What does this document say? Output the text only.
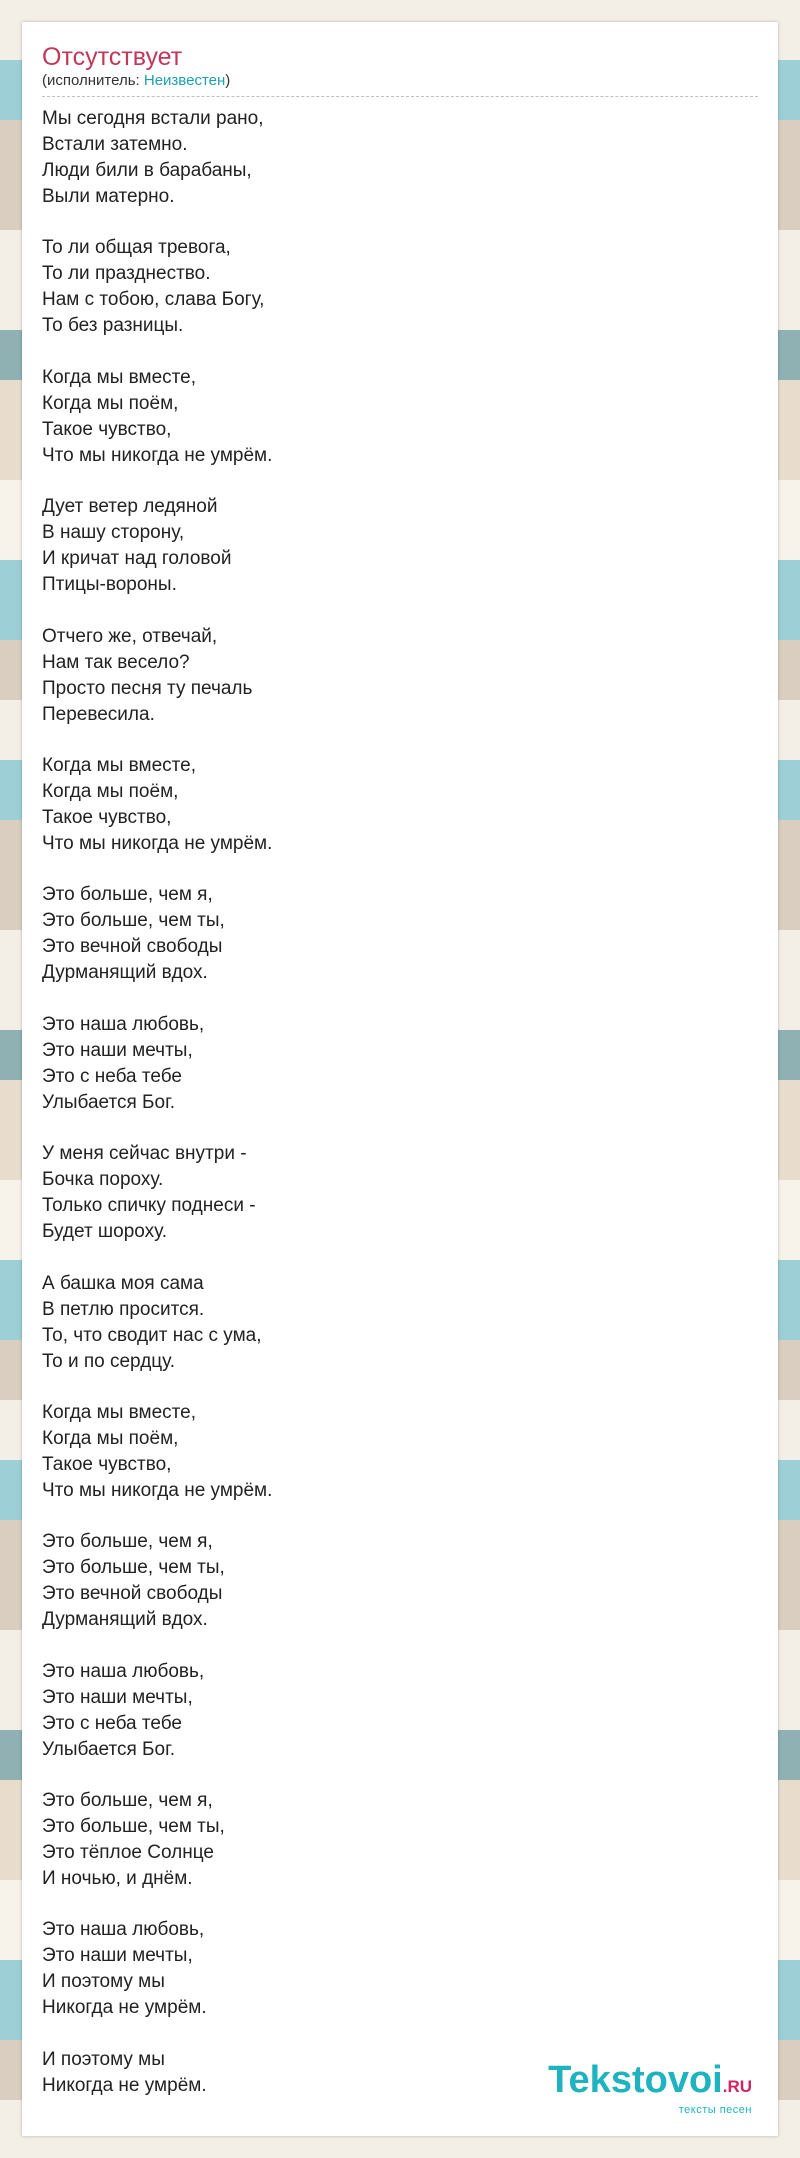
Отсутствует
(исполнитель: Неизвестен)
Мы сегодня встали рано,
Встали затемно.
Люди били в барабаны,
Выли матерно.
То ли общая тревога,
То ли празднество.
Нам с тобою, слава Богу,
То без разницы.
Когда мы вместе,
Когда мы поём,
Такое чувство,
Что мы никогда не умрём.
Дует ветер ледяной
В нашу сторону,
И кричат над головой
Птицы-вороны.
Отчего же, отвечай,
Нам так весело?
Просто песня ту печаль
Перевесила.
Когда мы вместе,
Когда мы поём,
Такое чувство,
Что мы никогда не умрём.
Это больше, чем я,
Это больше, чем ты,
Это вечной свободы
Дурманящий вдох.
Это наша любовь,
Это наши мечты,
Это с неба тебе
Улыбается Бог.
У меня сейчас внутри -
Бочка пороху.
Только спичку поднеси -
Будет шороху.
А башка моя сама
В петлю просится.
То, что сводит нас с ума,
То и по сердцу.
Когда мы вместе,
Когда мы поём,
Такое чувство,
Что мы никогда не умрём.
Это больше, чем я,
Это больше, чем ты,
Это вечной свободы
Дурманящий вдох.
Это наша любовь,
Это наши мечты,
Это с неба тебе
Улыбается Бог.
Это больше, чем я,
Это больше, чем ты,
Это тёплое Солнце
И ночью, и днём.
Это наша любовь,
Это наши мечты,
И поэтому мы
Никогда не умрём.
И поэтому мы
Никогда не умрём.	Tekstovoi.RU
тексты песен
